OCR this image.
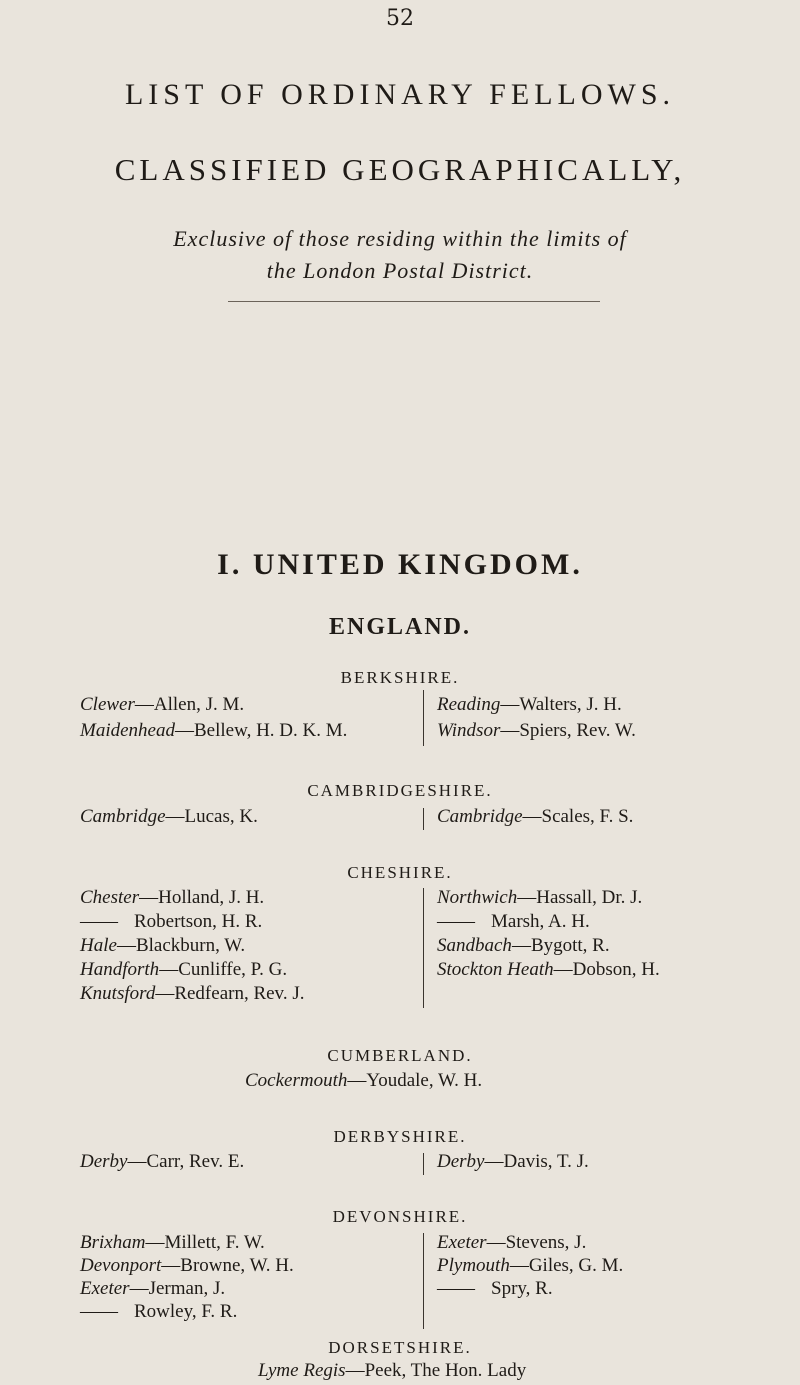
52
LIST OF ORDINARY FELLOWS.
CLASSIFIED GEOGRAPHICALLY,
Exclusive of those residing within the limits of
the London Postal District.
I. UNITED KINGDOM.
ENGLAND.
BERKSHIRE.
Clewer—Allen, J. M.
Maidenhead—Bellew, H. D. K. M.
Reading—Walters, J. H.
Windsor—Spiers, Rev. W.
CAMBRIDGESHIRE.
Cambridge—Lucas, K.	Cambridge—Scales, F. S.
CHESHIRE.
Chester—Holland, J. H.
—— Robertson, H. R.
Hale—Blackburn, W.
Handforth—Cunliffe, P. G.
Knutsford—Redfearn, Rev. J.
Northwich—Hassall, Dr. J.
—— Marsh, A. H.
Sandbach—Bygott, R.
Stockton Heath—Dobson, H.
CUMBERLAND.
Cockermouth—Youdale, W. H.
DERBYSHIRE.
Derby—Carr, Rev. E.	Derby—Davis, T. J.
DEVONSHIRE.
Brixham—Millett, F. W.
Devonport—Browne, W. H.
Exeter—Jerman, J.
—— Rowley, F. R.
Exeter—Stevens, J.
Plymouth—Giles, G. M.
—— Spry, R.
DORSETSHIRE.
Lyme Regis—Peek, The Hon. Lady
